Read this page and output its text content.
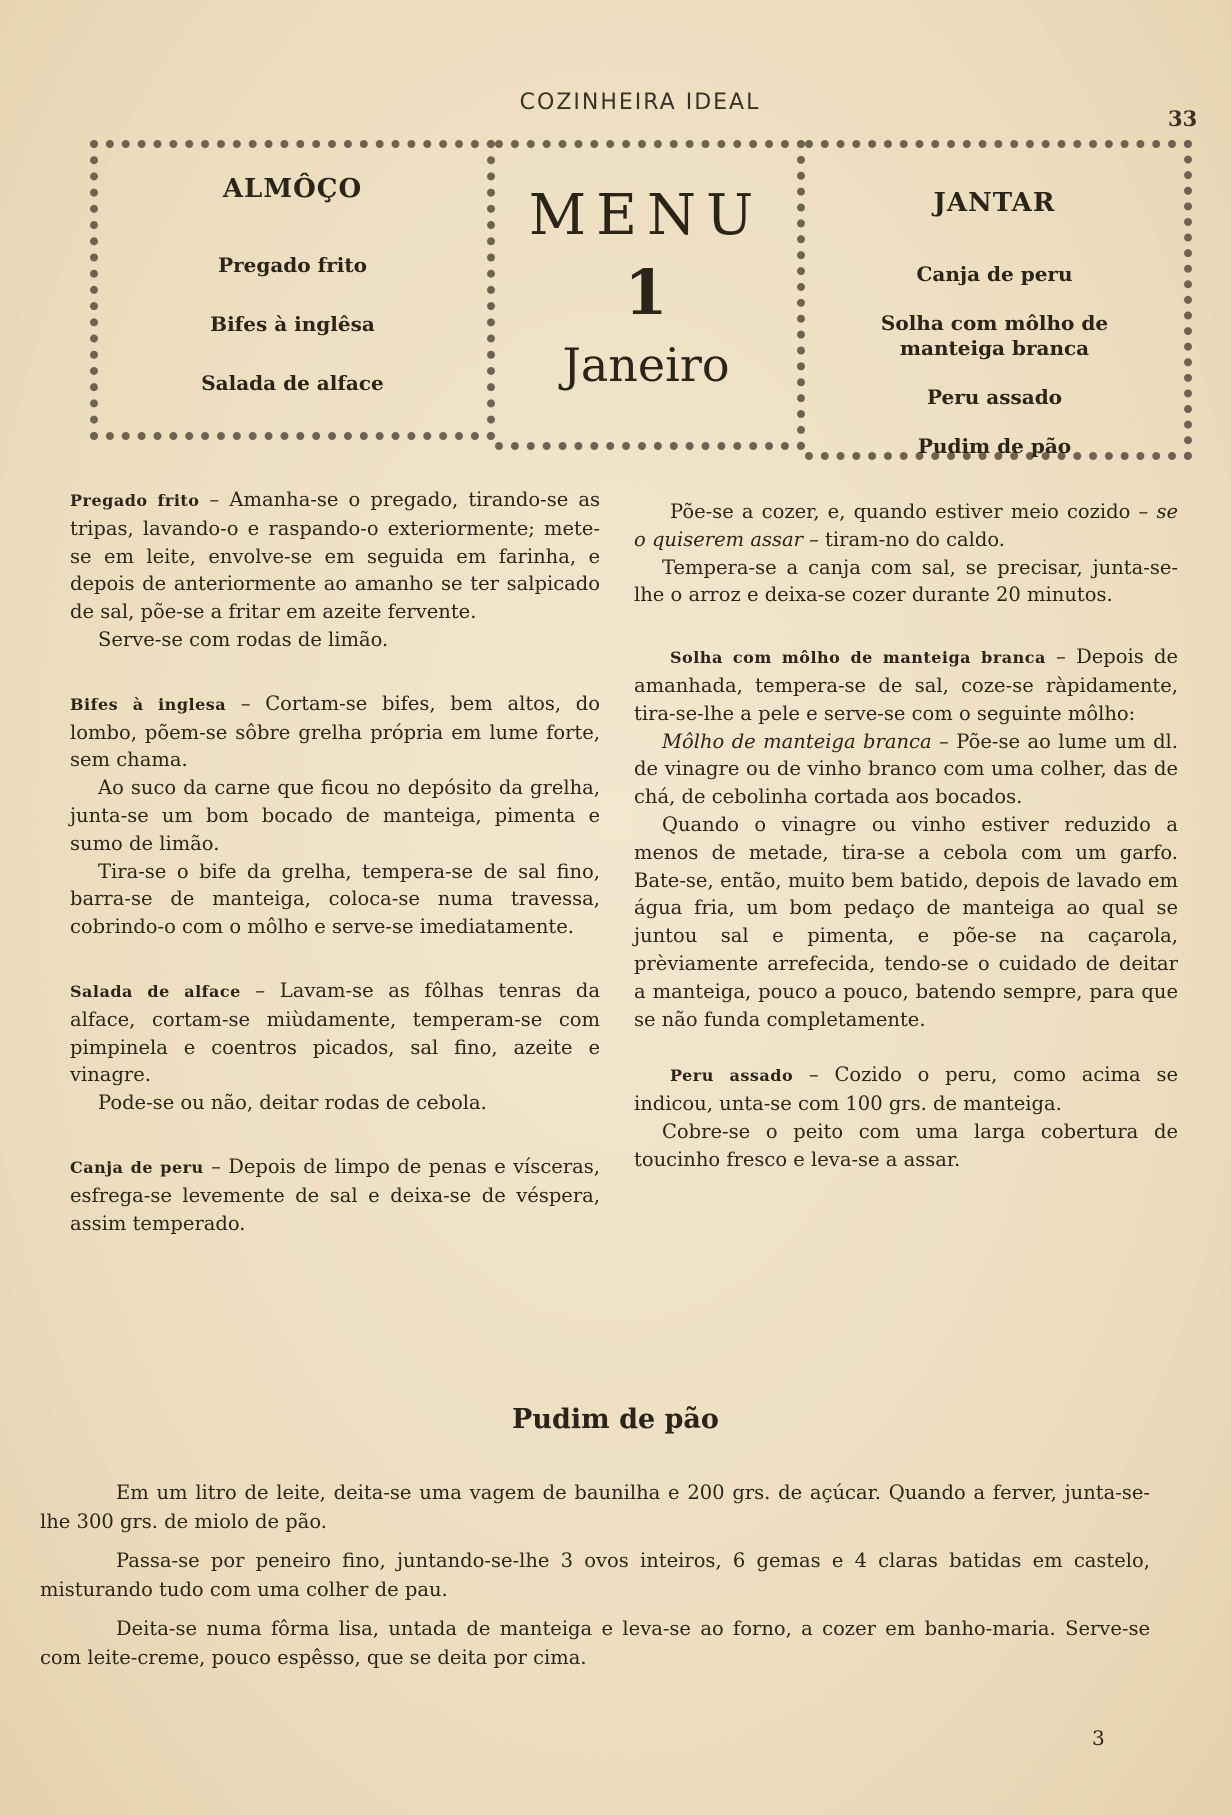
COZINHEIRA IDEAL
33
ALMÔÇO
Pregado frito
Bifes à inglêsa
Salada de alface
MENU
1
Janeiro
JANTAR
Canja de peru
Solha com môlho de manteiga branca
Peru assado
Pudim de pão

Pregado frito – Amanha-se o pregado, tirando-se as tripas, lavando-o e raspando-o exteriormente; mete-se em leite, envolve-se em seguida em farinha, e depois de anteriormente ao amanho se ter salpicado de sal, põe-se a fritar em azeite fervente.

Serve-se com rodas de limão.

Bifes à inglesa – Cortam-se bifes, bem altos, do lombo, põem-se sôbre grelha própria em lume forte, sem chama.

Ao suco da carne que ficou no depósito da grelha, junta-se um bom bocado de manteiga, pimenta e sumo de limão.

Tira-se o bife da grelha, tempera-se de sal fino, barra-se de manteiga, coloca-se numa travessa, cobrindo-o com o môlho e serve-se imediatamente.

Salada de alface – Lavam-se as fôlhas tenras da alface, cortam-se miùdamente, temperam-se com pimpinela e coentros picados, sal fino, azeite e vinagre.

Pode-se ou não, deitar rodas de cebola.

Canja de peru – Depois de limpo de penas e vísceras, esfrega-se levemente de sal e deixa-se de véspera, assim temperado.

Põe-se a cozer, e, quando estiver meio cozido – se o quiserem assar – tiram-no do caldo.

Tempera-se a canja com sal, se precisar, junta-se-lhe o arroz e deixa-se cozer durante 20 minutos.

Solha com môlho de manteiga branca – Depois de amanhada, tempera-se de sal, coze-se ràpidamente, tira-se-lhe a pele e serve-se com o seguinte môlho:

Môlho de manteiga branca – Põe-se ao lume um dl. de vinagre ou de vinho branco com uma colher, das de chá, de cebolinha cortada aos bocados.

Quando o vinagre ou vinho estiver reduzido a menos de metade, tira-se a cebola com um garfo. Bate-se, então, muito bem batido, depois de lavado em água fria, um bom pedaço de manteiga ao qual se juntou sal e pimenta, e põe-se na caçarola, prèviamente arrefecida, tendo-se o cuidado de deitar a manteiga, pouco a pouco, batendo sempre, para que se não funda completamente.

Peru assado – Cozido o peru, como acima se indicou, unta-se com 100 grs. de manteiga.

Cobre-se o peito com uma larga cobertura de toucinho fresco e leva-se a assar.

Pudim de pão

Em um litro de leite, deita-se uma vagem de baunilha e 200 grs. de açúcar. Quando a ferver, junta-se-lhe 300 grs. de miolo de pão.

Passa-se por peneiro fino, juntando-se-lhe 3 ovos inteiros, 6 gemas e 4 claras batidas em castelo, misturando tudo com uma colher de pau.

Deita-se numa fôrma lisa, untada de manteiga e leva-se ao forno, a cozer em banho-maria. Serve-se com leite-creme, pouco espêsso, que se deita por cima.

3
